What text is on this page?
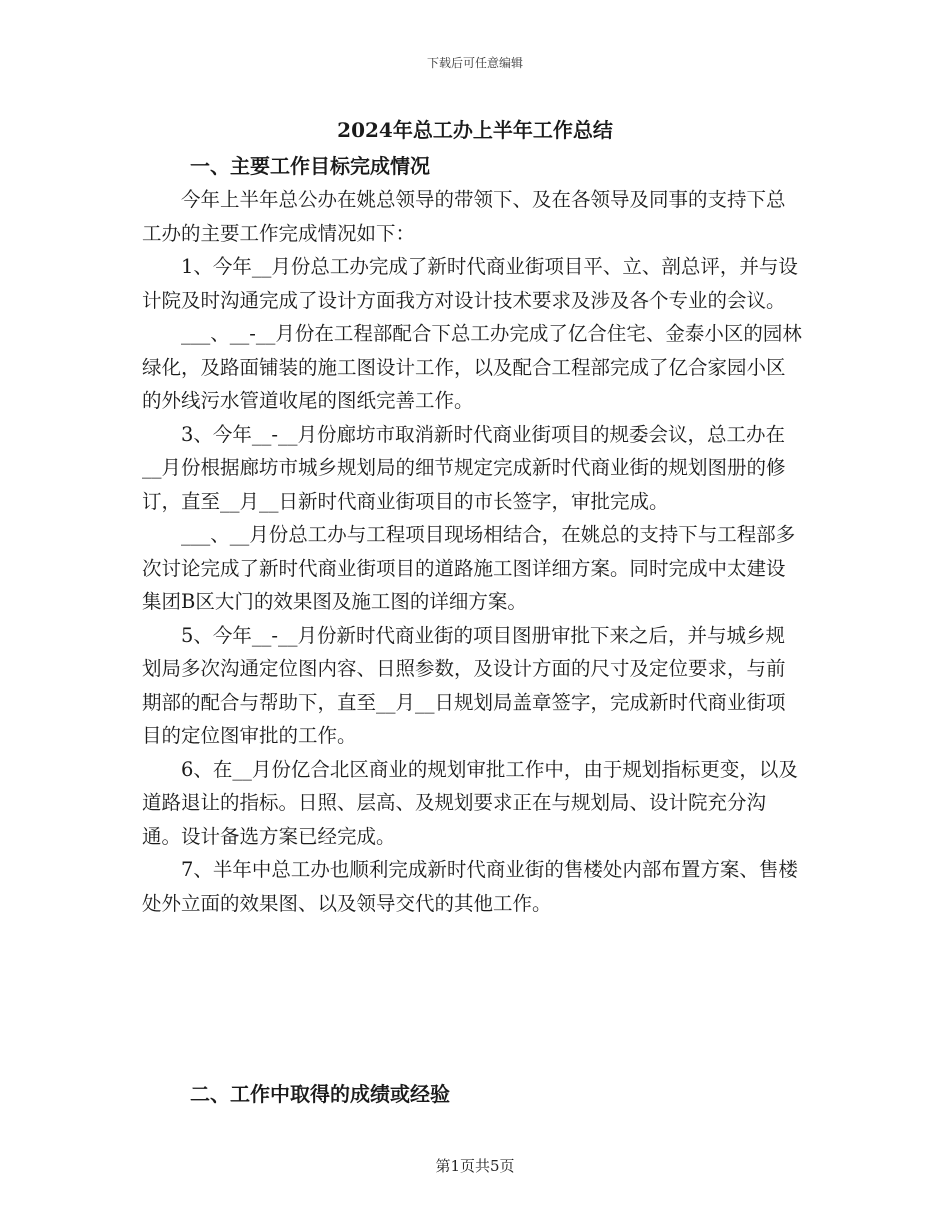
下载后可任意编辑
2024年总工办上半年工作总结
一、主要工作目标完成情况

今年上半年总公办在姚总领导的带领下、及在各领导及同事的支持下总工办的主要工作完成情况如下：

1、今年__月份总工办完成了新时代商业街项目平、立、剖总评，并与设计院及时沟通完成了设计方面我方对设计技术要求及涉及各个专业的会议。

___、__-__月份在工程部配合下总工办完成了亿合住宅、金泰小区的园林绿化，及路面铺装的施工图设计工作，以及配合工程部完成了亿合家园小区的外线污水管道收尾的图纸完善工作。

3、今年__-__月份廊坊市取消新时代商业街项目的规委会议，总工办在__月份根据廊坊市城乡规划局的细节规定完成新时代商业街的规划图册的修订，直至__月__日新时代商业街项目的市长签字，审批完成。

___、__月份总工办与工程项目现场相结合，在姚总的支持下与工程部多次讨论完成了新时代商业街项目的道路施工图详细方案。同时完成中太建设集团B区大门的效果图及施工图的详细方案。

5、今年__-__月份新时代商业街的项目图册审批下来之后，并与城乡规划局多次沟通定位图内容、日照参数，及设计方面的尺寸及定位要求，与前期部的配合与帮助下，直至__月__日规划局盖章签字，完成新时代商业街项目的定位图审批的工作。

6、在__月份亿合北区商业的规划审批工作中，由于规划指标更变，以及道路退让的指标。日照、层高、及规划要求正在与规划局、设计院充分沟通。设计备选方案已经完成。

7、半年中总工办也顺利完成新时代商业街的售楼处内部布置方案、售楼处外立面的效果图、以及领导交代的其他工作。

二、工作中取得的成绩或经验
第1页共5页
